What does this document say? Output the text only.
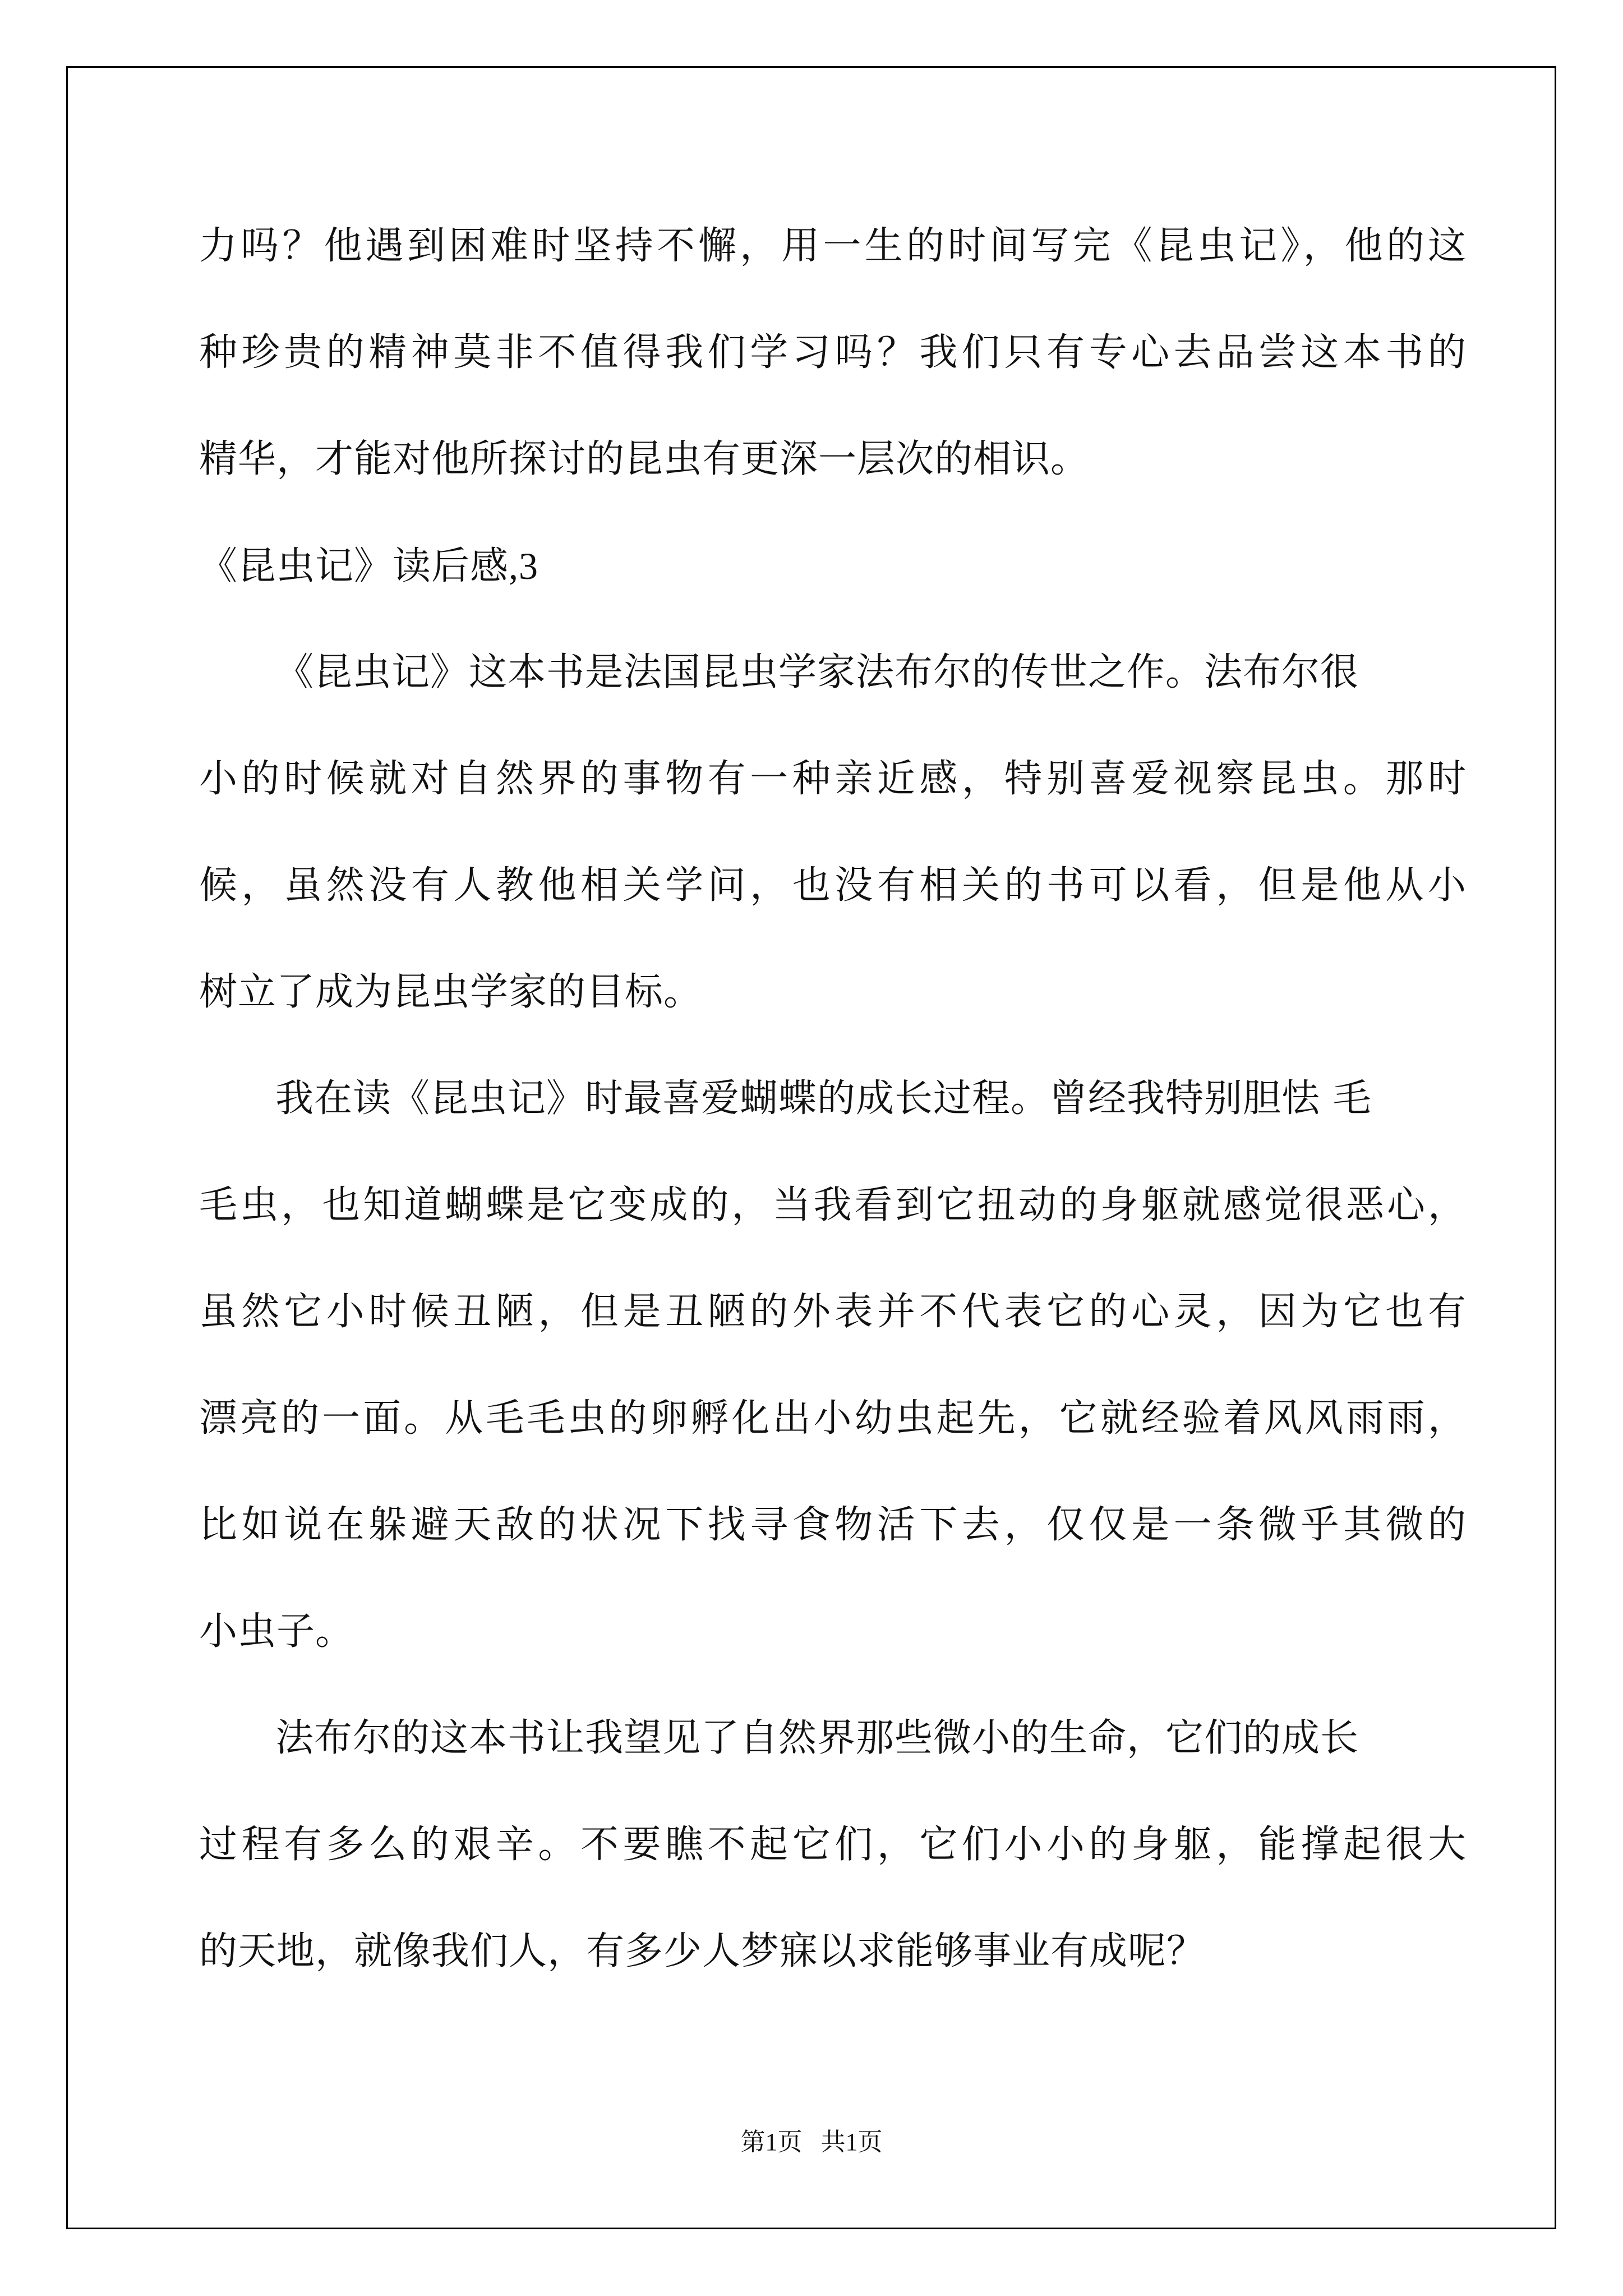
力吗？他遇到困难时坚持不懈，用一生的时间写完《昆虫记》，他的这
种珍贵的精神莫非不值得我们学习吗？我们只有专心去品尝这本书的
精华，才能对他所探讨的昆虫有更深一层次的相识。
《昆虫记》读后感,3
《昆虫记》这本书是法国昆虫学家法布尔的传世之作。法布尔很
小的时候就对自然界的事物有一种亲近感，特别喜爱视察昆虫。那时
候，虽然没有人教他相关学问，也没有相关的书可以看，但是他从小
树立了成为昆虫学家的目标。
我在读《昆虫记》时最喜爱蝴蝶的成长过程。曾经我特别胆怯 毛
毛虫，也知道蝴蝶是它变成的，当我看到它扭动的身躯就感觉很恶心，
虽然它小时候丑陋，但是丑陋的外表并不代表它的心灵，因为它也有
漂亮的一面。从毛毛虫的卵孵化出小幼虫起先，它就经验着风风雨雨，
比如说在躲避天敌的状况下找寻食物活下去，仅仅是一条微乎其微的
小虫子。
法布尔的这本书让我望见了自然界那些微小的生命，它们的成长
过程有多么的艰辛。不要瞧不起它们，它们小小的身躯，能撑起很大
的天地，就像我们人，有多少人梦寐以求能够事业有成呢？
第1页   共1页
